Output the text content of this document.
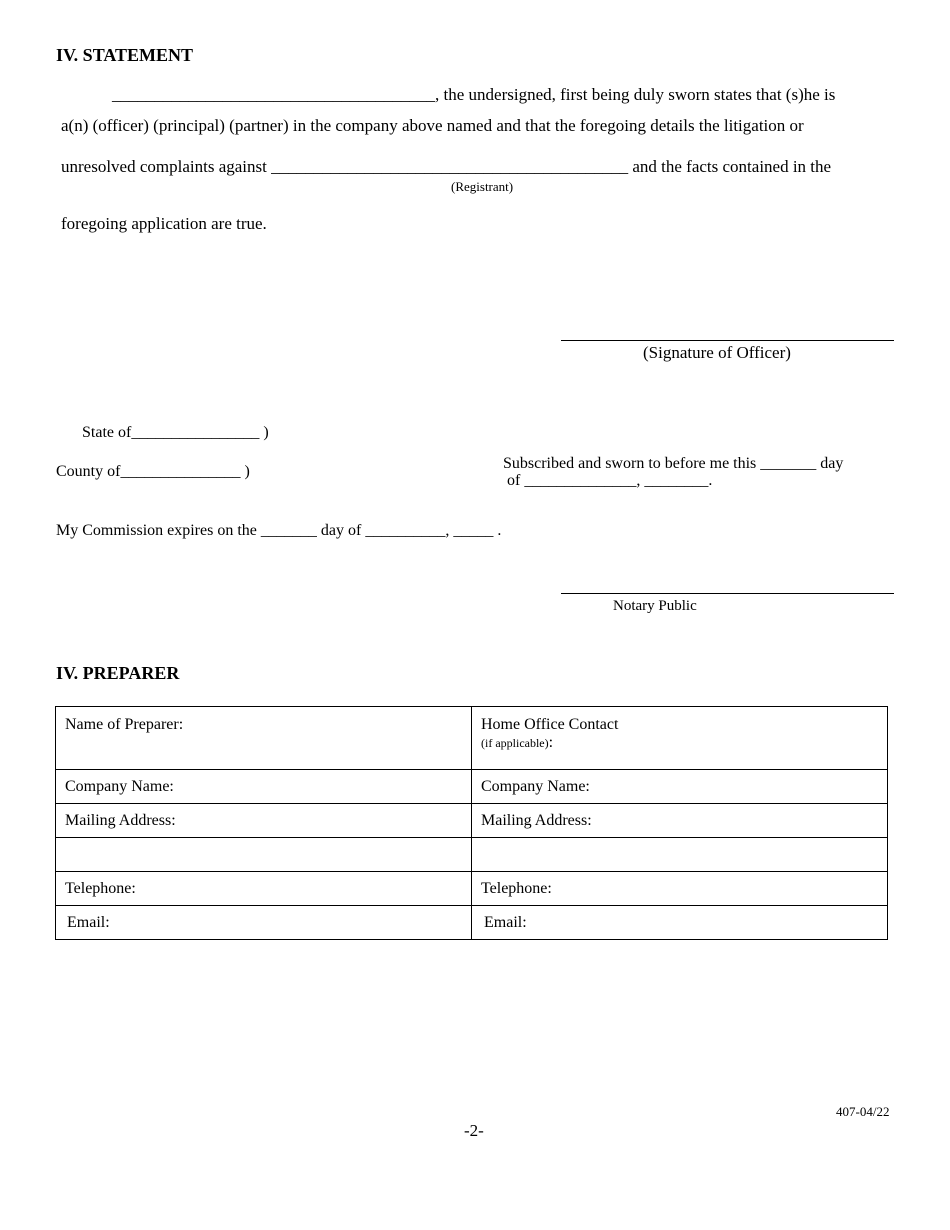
IV. STATEMENT
______________________________________, the undersigned, first being duly sworn states that (s)he is
a(n) (officer) (principal) (partner) in the company above named and that the foregoing details the litigation or
unresolved complaints against __________________________________________ and the facts contained in the
(Registrant)
foregoing application are true.
(Signature of Officer)
State of________________ )
County of_______________ )	Subscribed and sworn to before me this _______ day
of ______________, ________.
My Commission expires on the _______ day of __________, _____ .
Notary Public
IV. PREPARER
Name of Preparer:	Home Office Contact
(if applicable):

Company Name:	Company Name:
Mailing Address:	Mailing Address:

Telephone:	Telephone:
Email:	Email:
407-04/22
-2-
